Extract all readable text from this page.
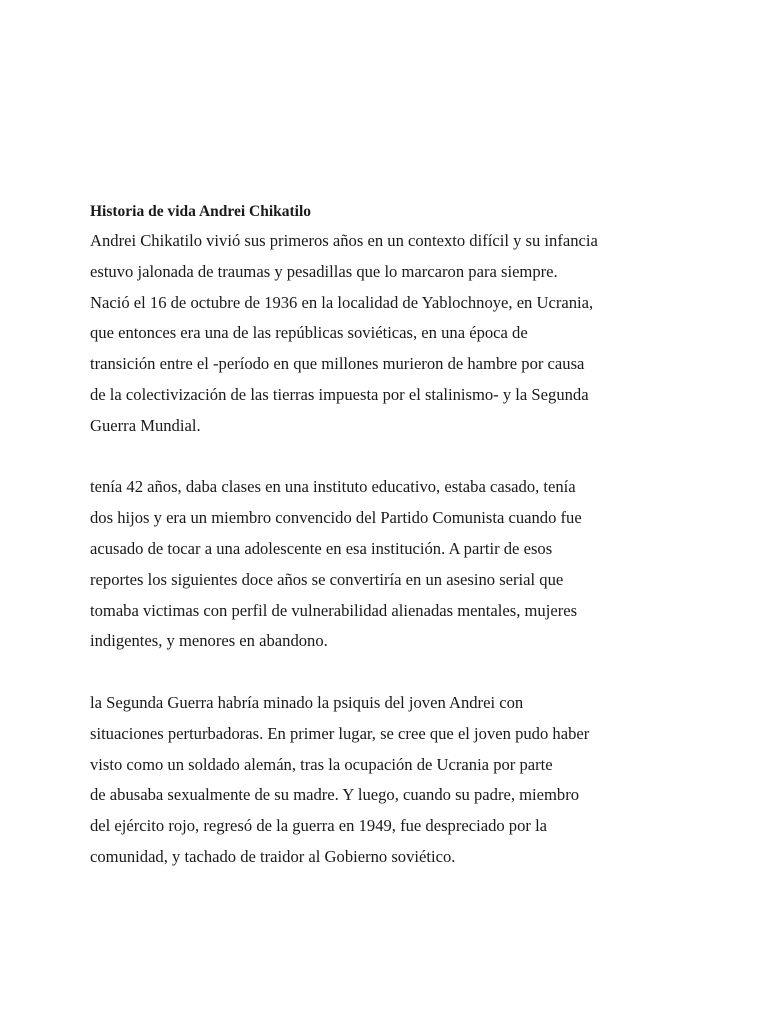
Historia de vida Andrei Chikatilo
Andrei Chikatilo vivió sus primeros años en un contexto difícil y su infancia
estuvo jalonada de traumas y pesadillas que lo marcaron para siempre.
Nació el 16 de octubre de 1936 en la localidad de Yablochnoye, en Ucrania,
que entonces era una de las repúblicas soviéticas, en una época de
transición entre el -período en que millones murieron de hambre por causa
de la colectivización de las tierras impuesta por el stalinismo- y la Segunda
Guerra Mundial.
tenía 42 años, daba clases en una instituto educativo, estaba casado, tenía
dos hijos y era un miembro convencido del Partido Comunista cuando fue
acusado de tocar a una adolescente en esa institución. A partir de esos
reportes los siguientes doce años se convertiría en un asesino serial que
tomaba victimas con perfil de vulnerabilidad alienadas mentales, mujeres
indigentes, y menores en abandono.
la Segunda Guerra habría minado la psiquis del joven Andrei con
situaciones perturbadoras. En primer lugar, se cree que el joven pudo haber
visto como un soldado alemán, tras la ocupación de Ucrania por parte
de abusaba sexualmente de su madre. Y luego, cuando su padre, miembro
del ejército rojo, regresó de la guerra en 1949, fue despreciado por la
comunidad, y tachado de traidor al Gobierno soviético.
